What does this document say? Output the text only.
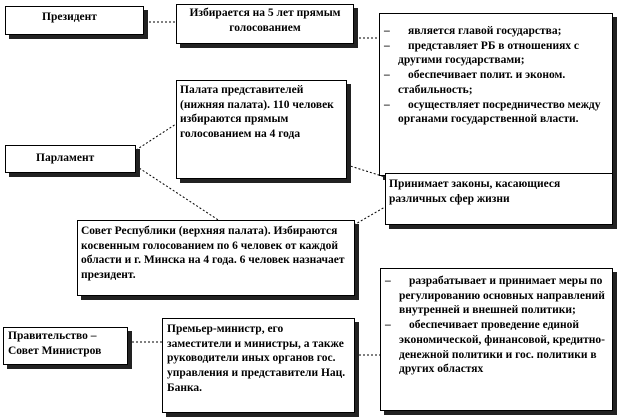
Президент	Избирается на 5 лет прямым голосованием
–	является главой государства;
– представляет РБ в отношениях с другими государствами;
– обеспечивает полит. и эконом. стабильность;
– осуществляет посредничество между органами государственной власти.
Парламент
Палата представителей (нижняя палата). 110 человек избираются прямым голосованием на 4 года
Принимает законы, касающиеся различных сфер жизни
Совет Республики (верхняя палата). Избираются косвенным голосованием по 6 человек от каждой области и г. Минска на 4 года. 6 человек назначает президент.
Правительство – Совет Министров
Премьер-министр, его заместители и министры, а также руководители иных органов гос. управления и представители Нац. Банка.
– разрабатывает и принимает меры по регулированию основных направлений внутренней и внешней политики;
– обеспечивает проведение единой экономической, финансовой, кредитно-денежной политики и гос. политики в других областях
